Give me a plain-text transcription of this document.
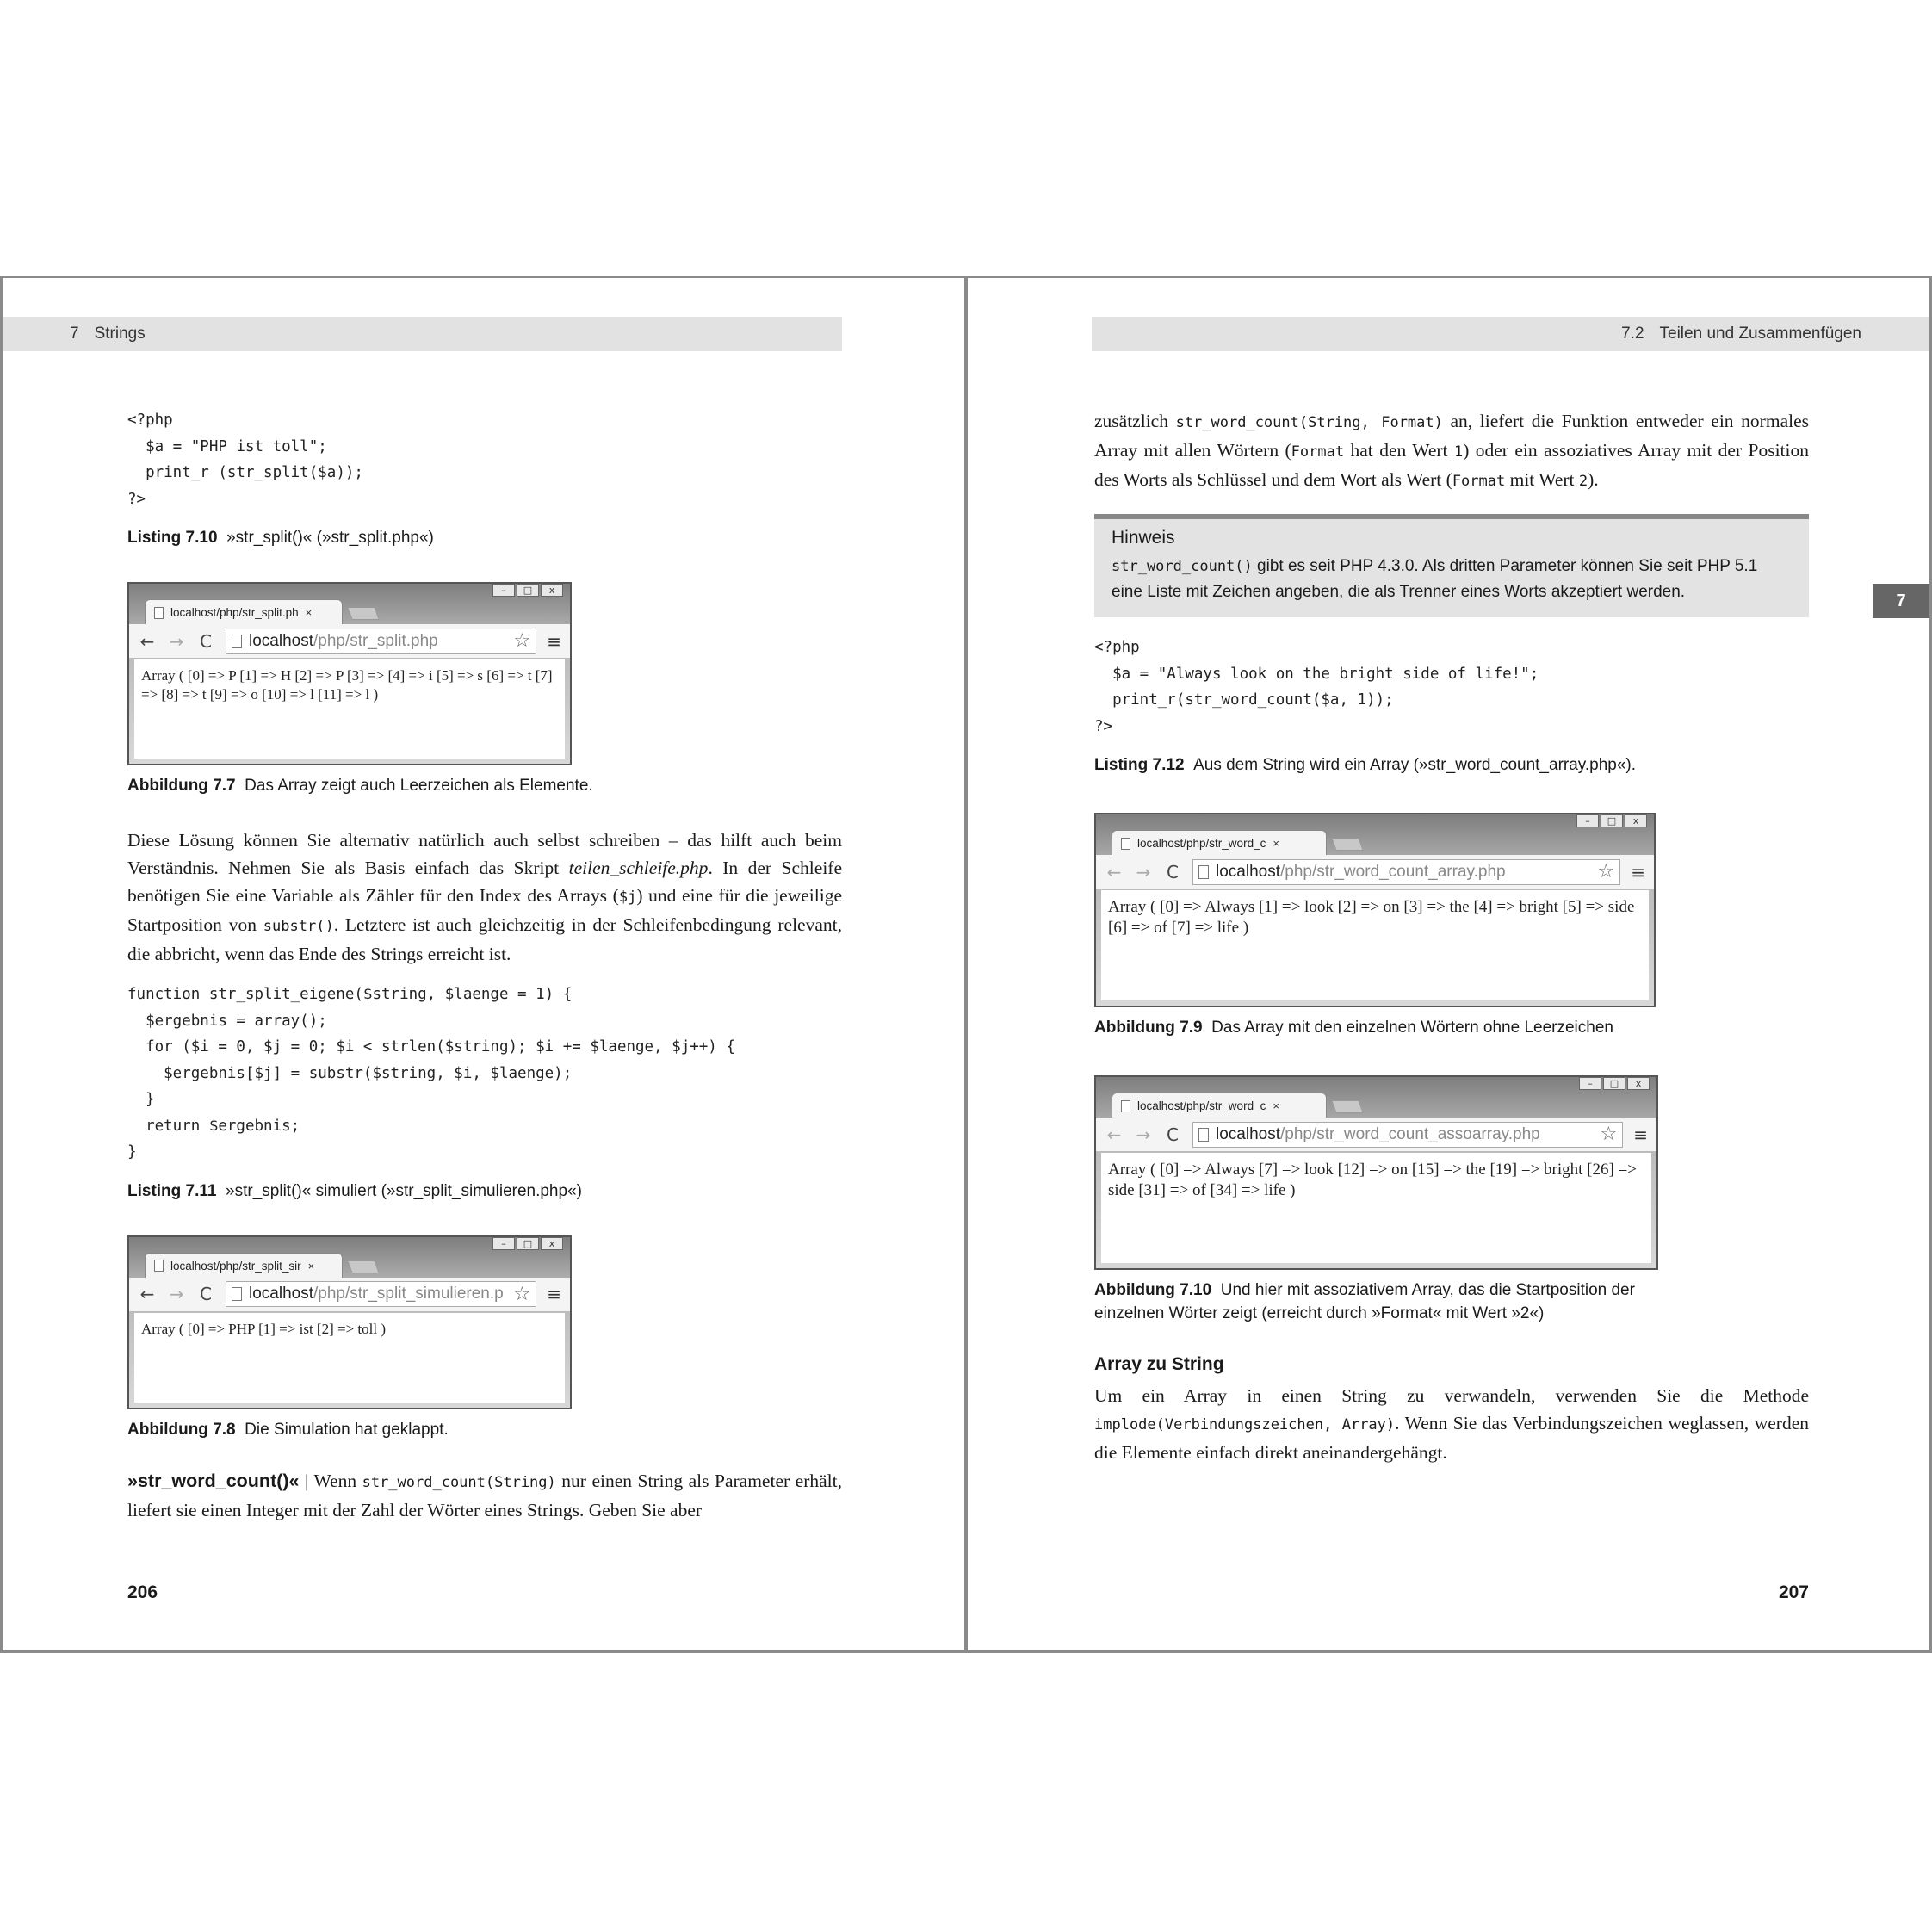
7 Strings
<?php
$a = "PHP ist toll";
print_r (str_split($a));
?>
Listing 7.10 »str_split()« (»str_split.php«)
–	□	x
localhost/php/str_split.ph ×
← → C localhost/php/str_split.php	☆ ≡
Array ( [0] => P [1] => H [2] => P [3] => [4] => i [5] => s [6] => t [7] => [8] => t [9] => o [10] => l [11] => l )
Abbildung 7.7 Das Array zeigt auch Leerzeichen als Elemente.

Diese Lösung können Sie alternativ natürlich auch selbst schreiben – das hilft auch beim Verständnis. Nehmen Sie als Basis einfach das Skript teilen_schleife.php. In der Schleife benötigen Sie eine Variable als Zähler für den Index des Arrays ($j) und eine für die jeweilige Startposition von substr(). Letztere ist auch gleichzeitig in der Schleifenbedingung relevant, die abbricht, wenn das Ende des Strings erreicht ist.

function str_split_eigene($string, $laenge = 1) {
$ergebnis = array();
for ($i = 0, $j = 0; $i < strlen($string); $i += $laenge, $j++) {
$ergebnis[$j] = substr($string, $i, $laenge);
}
return $ergebnis;
}
Listing 7.11 »str_split()« simuliert (»str_split_simulieren.php«)
–	□	x
localhost/php/str_split_sir ×
← → C localhost/php/str_split_simulieren.p ☆ ≡
Array ( [0] => PHP [1] => ist [2] => toll )
Abbildung 7.8 Die Simulation hat geklappt.

»str_word_count()« | Wenn str_word_count(String) nur einen String als Parameter erhält, liefert sie einen Integer mit der Zahl der Wörter eines Strings. Geben Sie aber

206
7.2 Teilen und Zusammenfügen
7

zusätzlich str_word_count(String, Format) an, liefert die Funktion entweder ein normales Array mit allen Wörtern (Format hat den Wert 1) oder ein assoziatives Array mit der Position des Worts als Schlüssel und dem Wort als Wert (Format mit Wert 2).

Hinweis
str_word_count() gibt es seit PHP 4.3.0. Als dritten Parameter können Sie seit PHP 5.1 eine Liste mit Zeichen angeben, die als Trenner eines Worts akzeptiert werden.
<?php
$a = "Always look on the bright side of life!";
print_r(str_word_count($a, 1));
?>
Listing 7.12 Aus dem String wird ein Array (»str_word_count_array.php«).
–	□	x
localhost/php/str_word_c ×
← → C localhost/php/str_word_count_array.php	☆ ≡
Array ( [0] => Always [1] => look [2] => on [3] => the [4] => bright [5] => side [6] => of [7] => life )
Abbildung 7.9 Das Array mit den einzelnen Wörtern ohne Leerzeichen
–	□	x
localhost/php/str_word_c ×
← → C localhost/php/str_word_count_assoarray.php	☆ ≡
Array ( [0] => Always [7] => look [12] => on [15] => the [19] => bright [26] => side [31] => of [34] => life )
Abbildung 7.10 Und hier mit assoziativem Array, das die Startposition der einzelnen Wörter zeigt (erreicht durch »Format« mit Wert »2«)
Array zu String

Um ein Array in einen String zu verwandeln, verwenden Sie die Methode implode(Verbindungszeichen, Array). Wenn Sie das Verbindungszeichen weglassen, werden die Elemente einfach direkt aneinandergehängt.

207
